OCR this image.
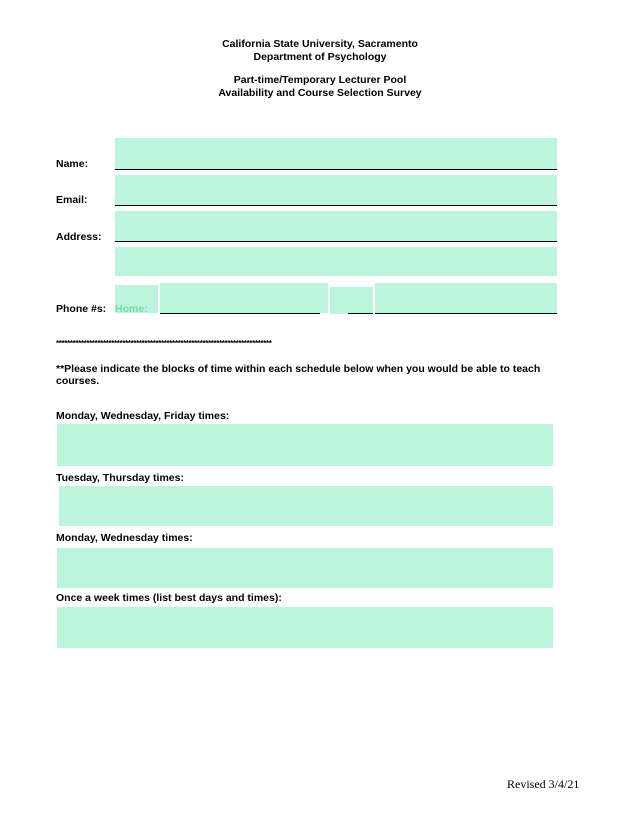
California State University, Sacramento
Department of Psychology
Part-time/Temporary Lecturer Pool
Availability and Course Selection Survey
Name:
Email:
Address:
Phone #s: Home:
******************************************************************************
**Please indicate the blocks of time within each schedule below when you would be able to teach courses.
Monday, Wednesday, Friday times:
Tuesday, Thursday times:
Monday, Wednesday times:
Once a week times (list best days and times):
Revised 3/4/21
